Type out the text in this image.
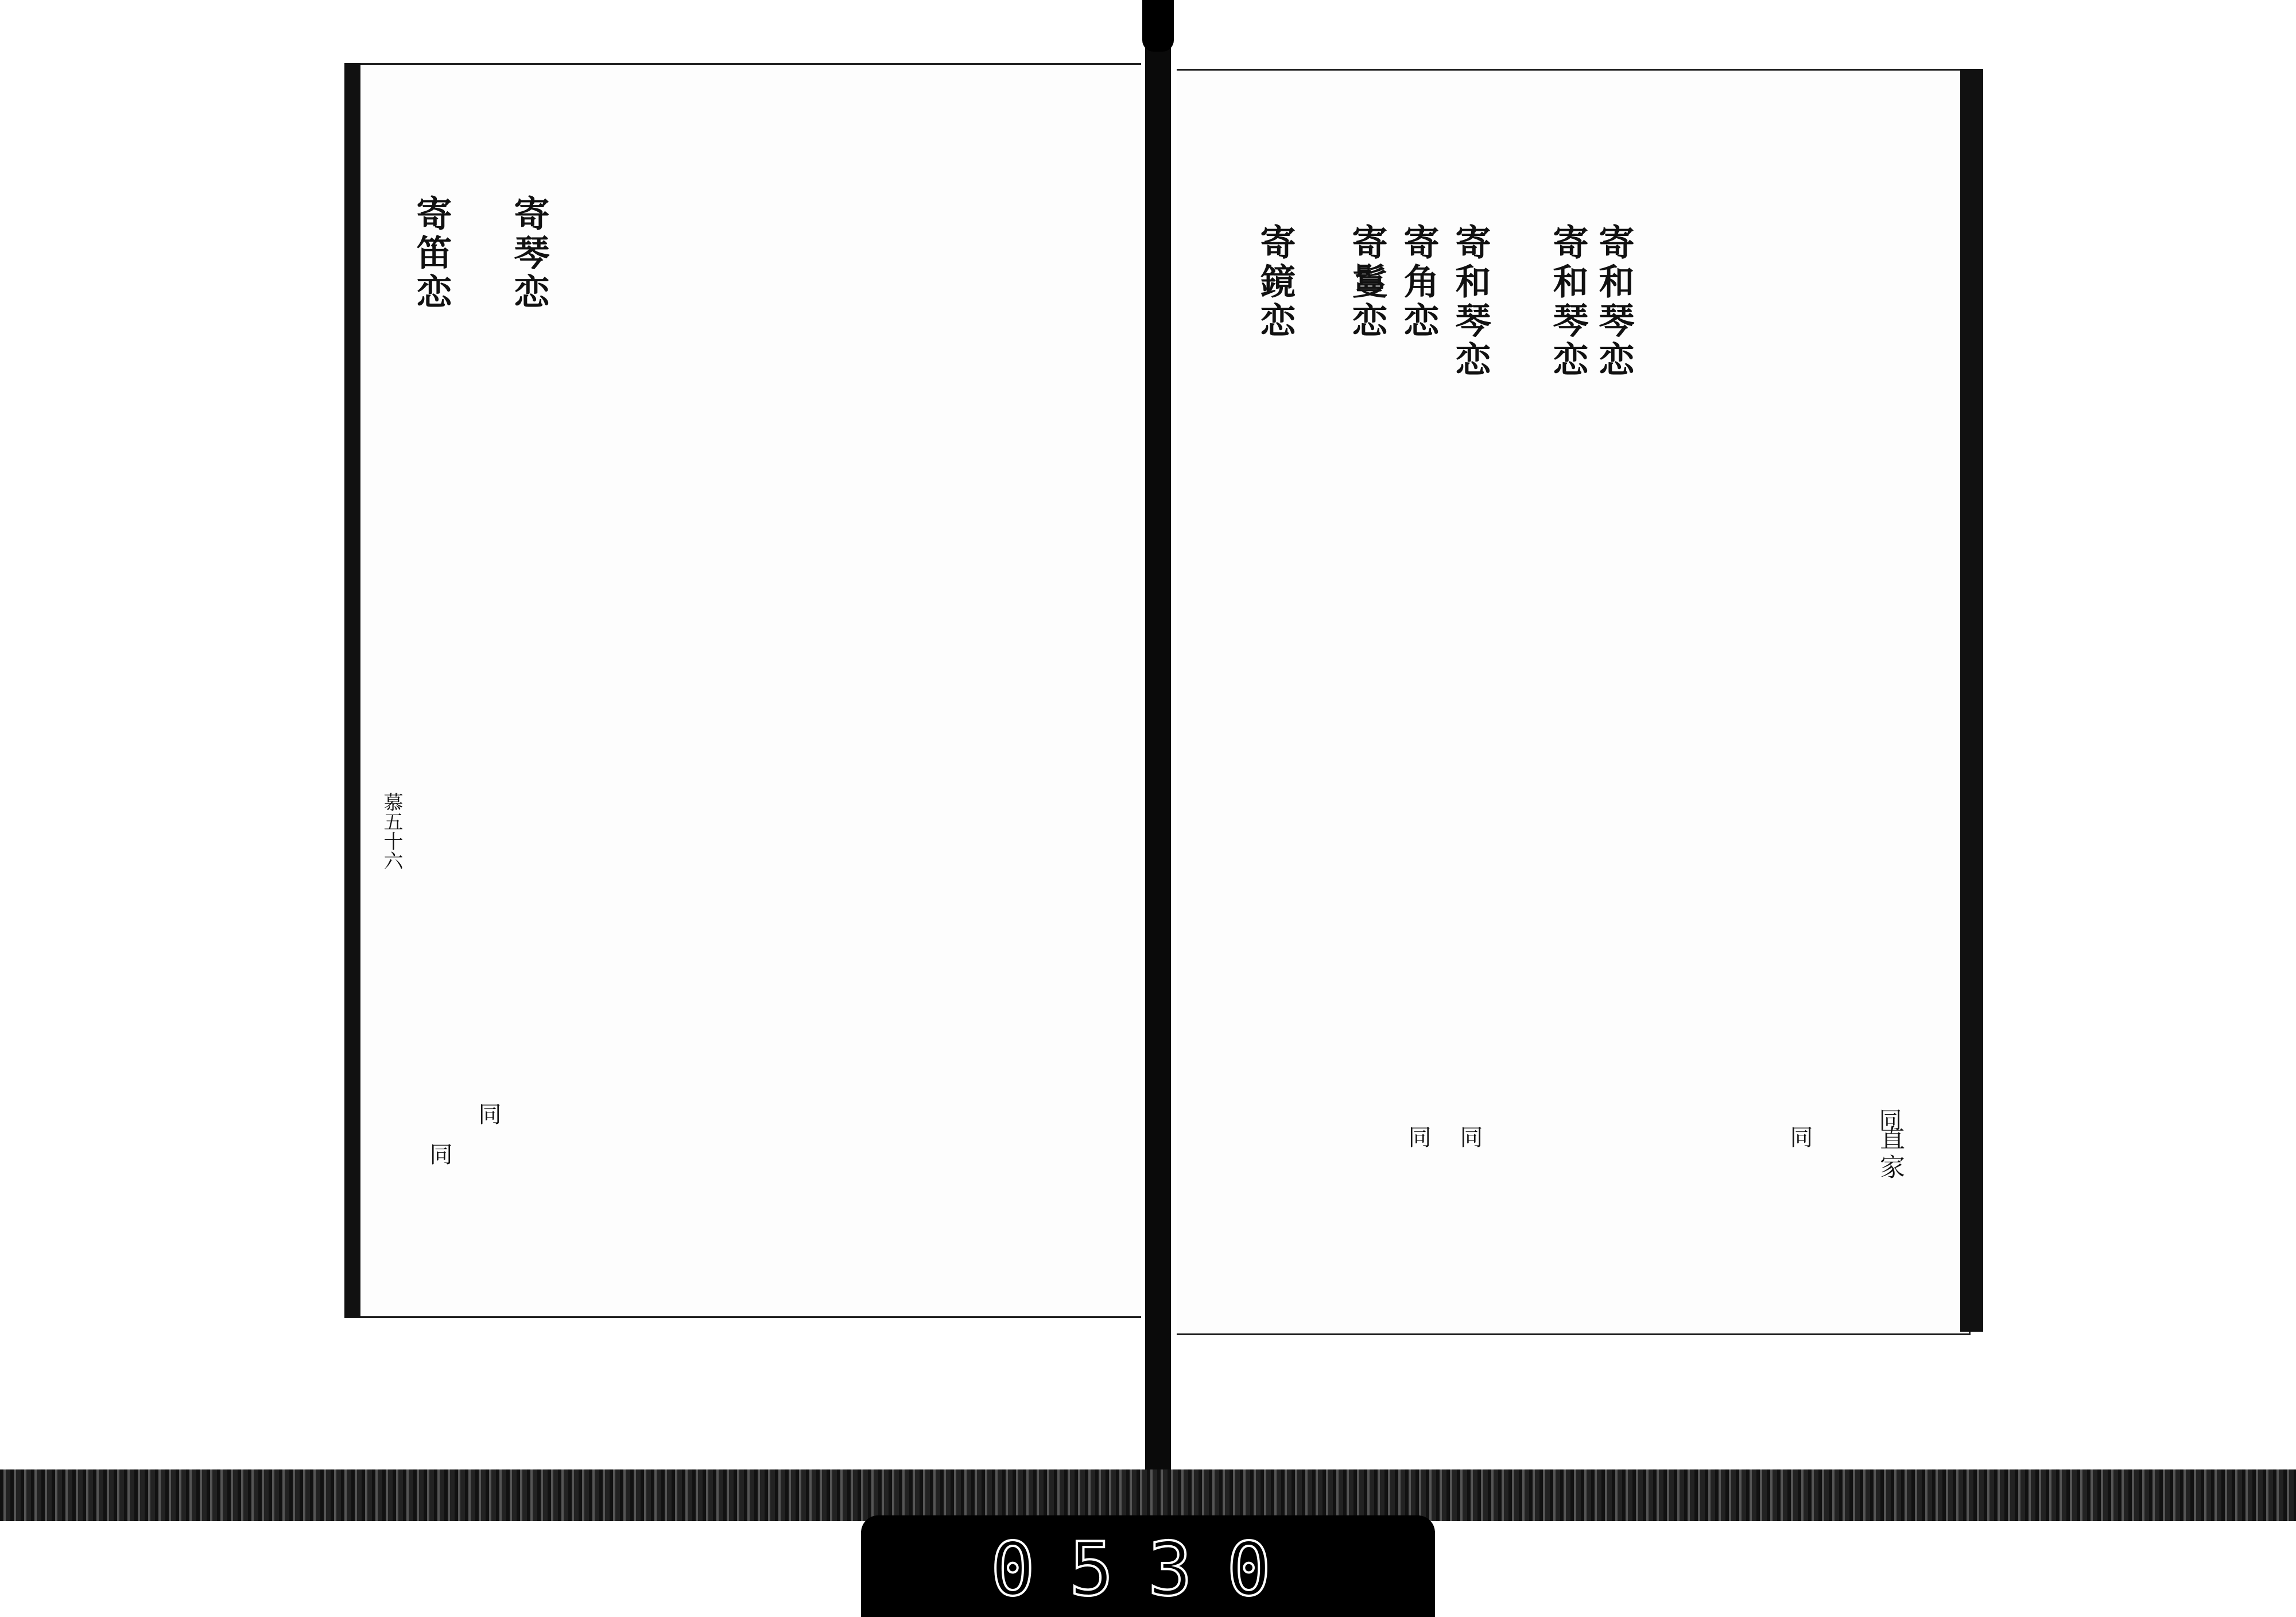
寄琴恋
寄笛恋
慕五十六
同
同
寄鏡恋 寄鬘恋 寄角恋 寄和琴恋 寄和琴恋 寄和琴恋
直家
同
同
同
同
0530
